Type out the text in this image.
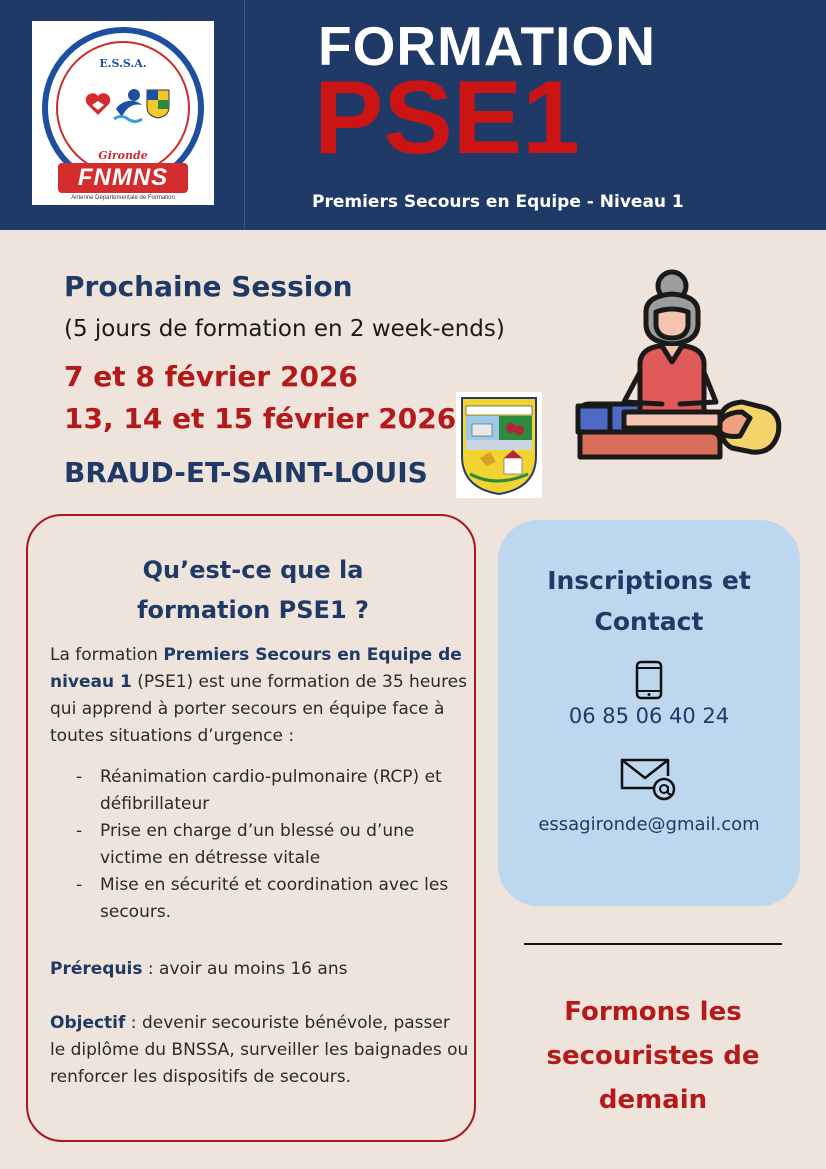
E.S.S.A.
Gironde
FNMNS
Antenne Départementale de Formation
FORMATION
PSE1
Premiers Secours en Equipe - Niveau 1
Prochaine Session
(5 jours de formation en 2 week-ends)
7 et 8 février 2026
13, 14 et 15 février 2026
BRAUD-ET-SAINT-LOUIS
Qu’est-ce que la
formation PSE1 ?

La formation Premiers Secours en Equipe de niveau 1 (PSE1) est une formation de 35 heures qui apprend à porter secours en équipe face à toutes situations d’urgence :

- Réanimation cardio-pulmonaire (RCP) et défibrillateur
- Prise en charge d’un blessé ou d’une victime en détresse vitale
- Mise en sécurité et coordination avec les secours.

Prérequis : avoir au moins 16 ans

Objectif : devenir secouriste bénévole, passer le diplôme du BNSSA, surveiller les baignades ou renforcer les dispositifs de secours.

Inscriptions et
Contact
06 85 06 40 24
essagironde@gmail.com
Formons les
secouristes de
demain
